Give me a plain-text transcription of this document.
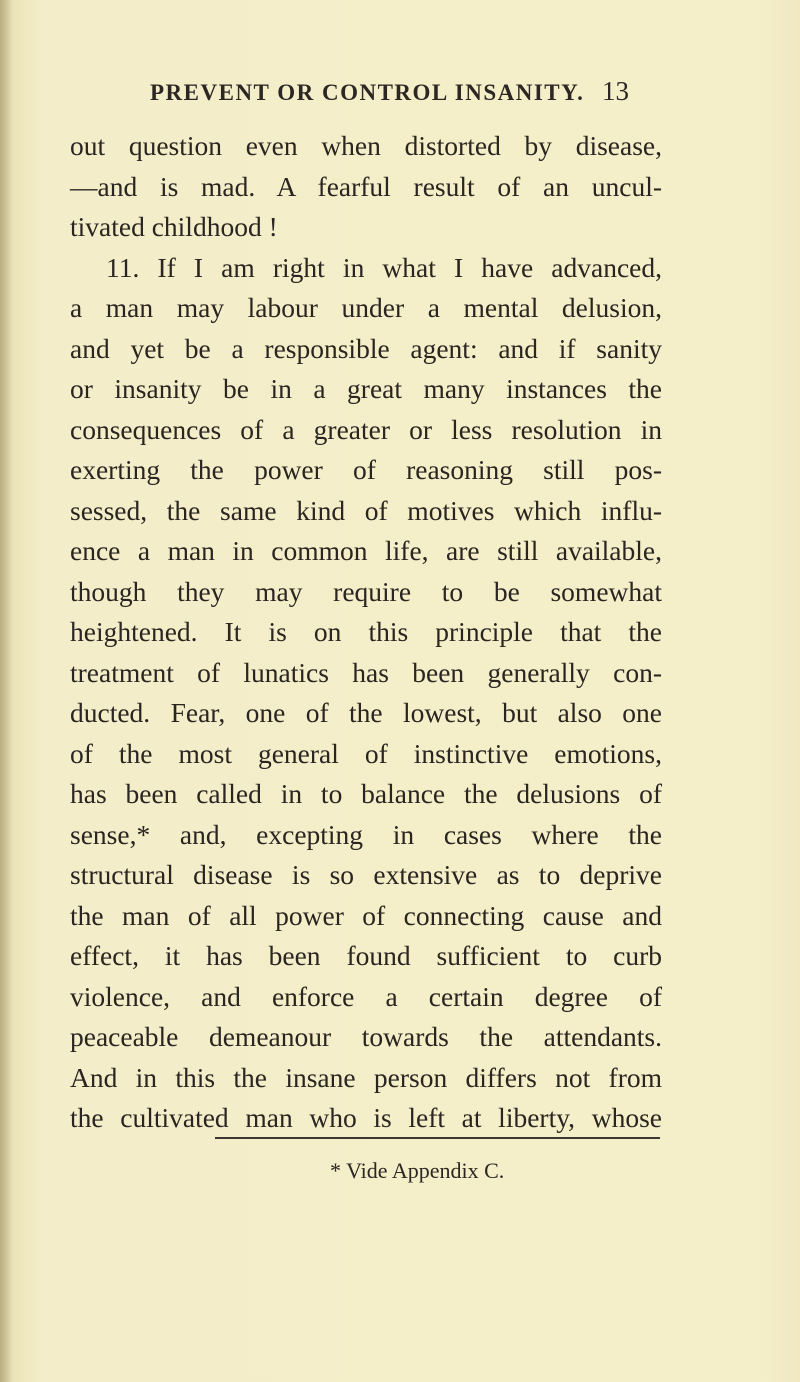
PREVENT OR CONTROL INSANITY. 13
out question even when distorted by disease,
—and is mad. A fearful result of an uncul-
tivated childhood !
11. If I am right in what I have advanced,
a man may labour under a mental delusion,
and yet be a responsible agent: and if sanity
or insanity be in a great many instances the
consequences of a greater or less resolution in
exerting the power of reasoning still pos-
sessed, the same kind of motives which influ-
ence a man in common life, are still available,
though they may require to be somewhat
heightened. It is on this principle that the
treatment of lunatics has been generally con-
ducted. Fear, one of the lowest, but also one
of the most general of instinctive emotions,
has been called in to balance the delusions of
sense,* and, excepting in cases where the
structural disease is so extensive as to deprive
the man of all power of connecting cause and
effect, it has been found sufficient to curb
violence, and enforce a certain degree of
peaceable demeanour towards the attendants.
And in this the insane person differs not from
the cultivated man who is left at liberty, whose
* Vide Appendix C.
